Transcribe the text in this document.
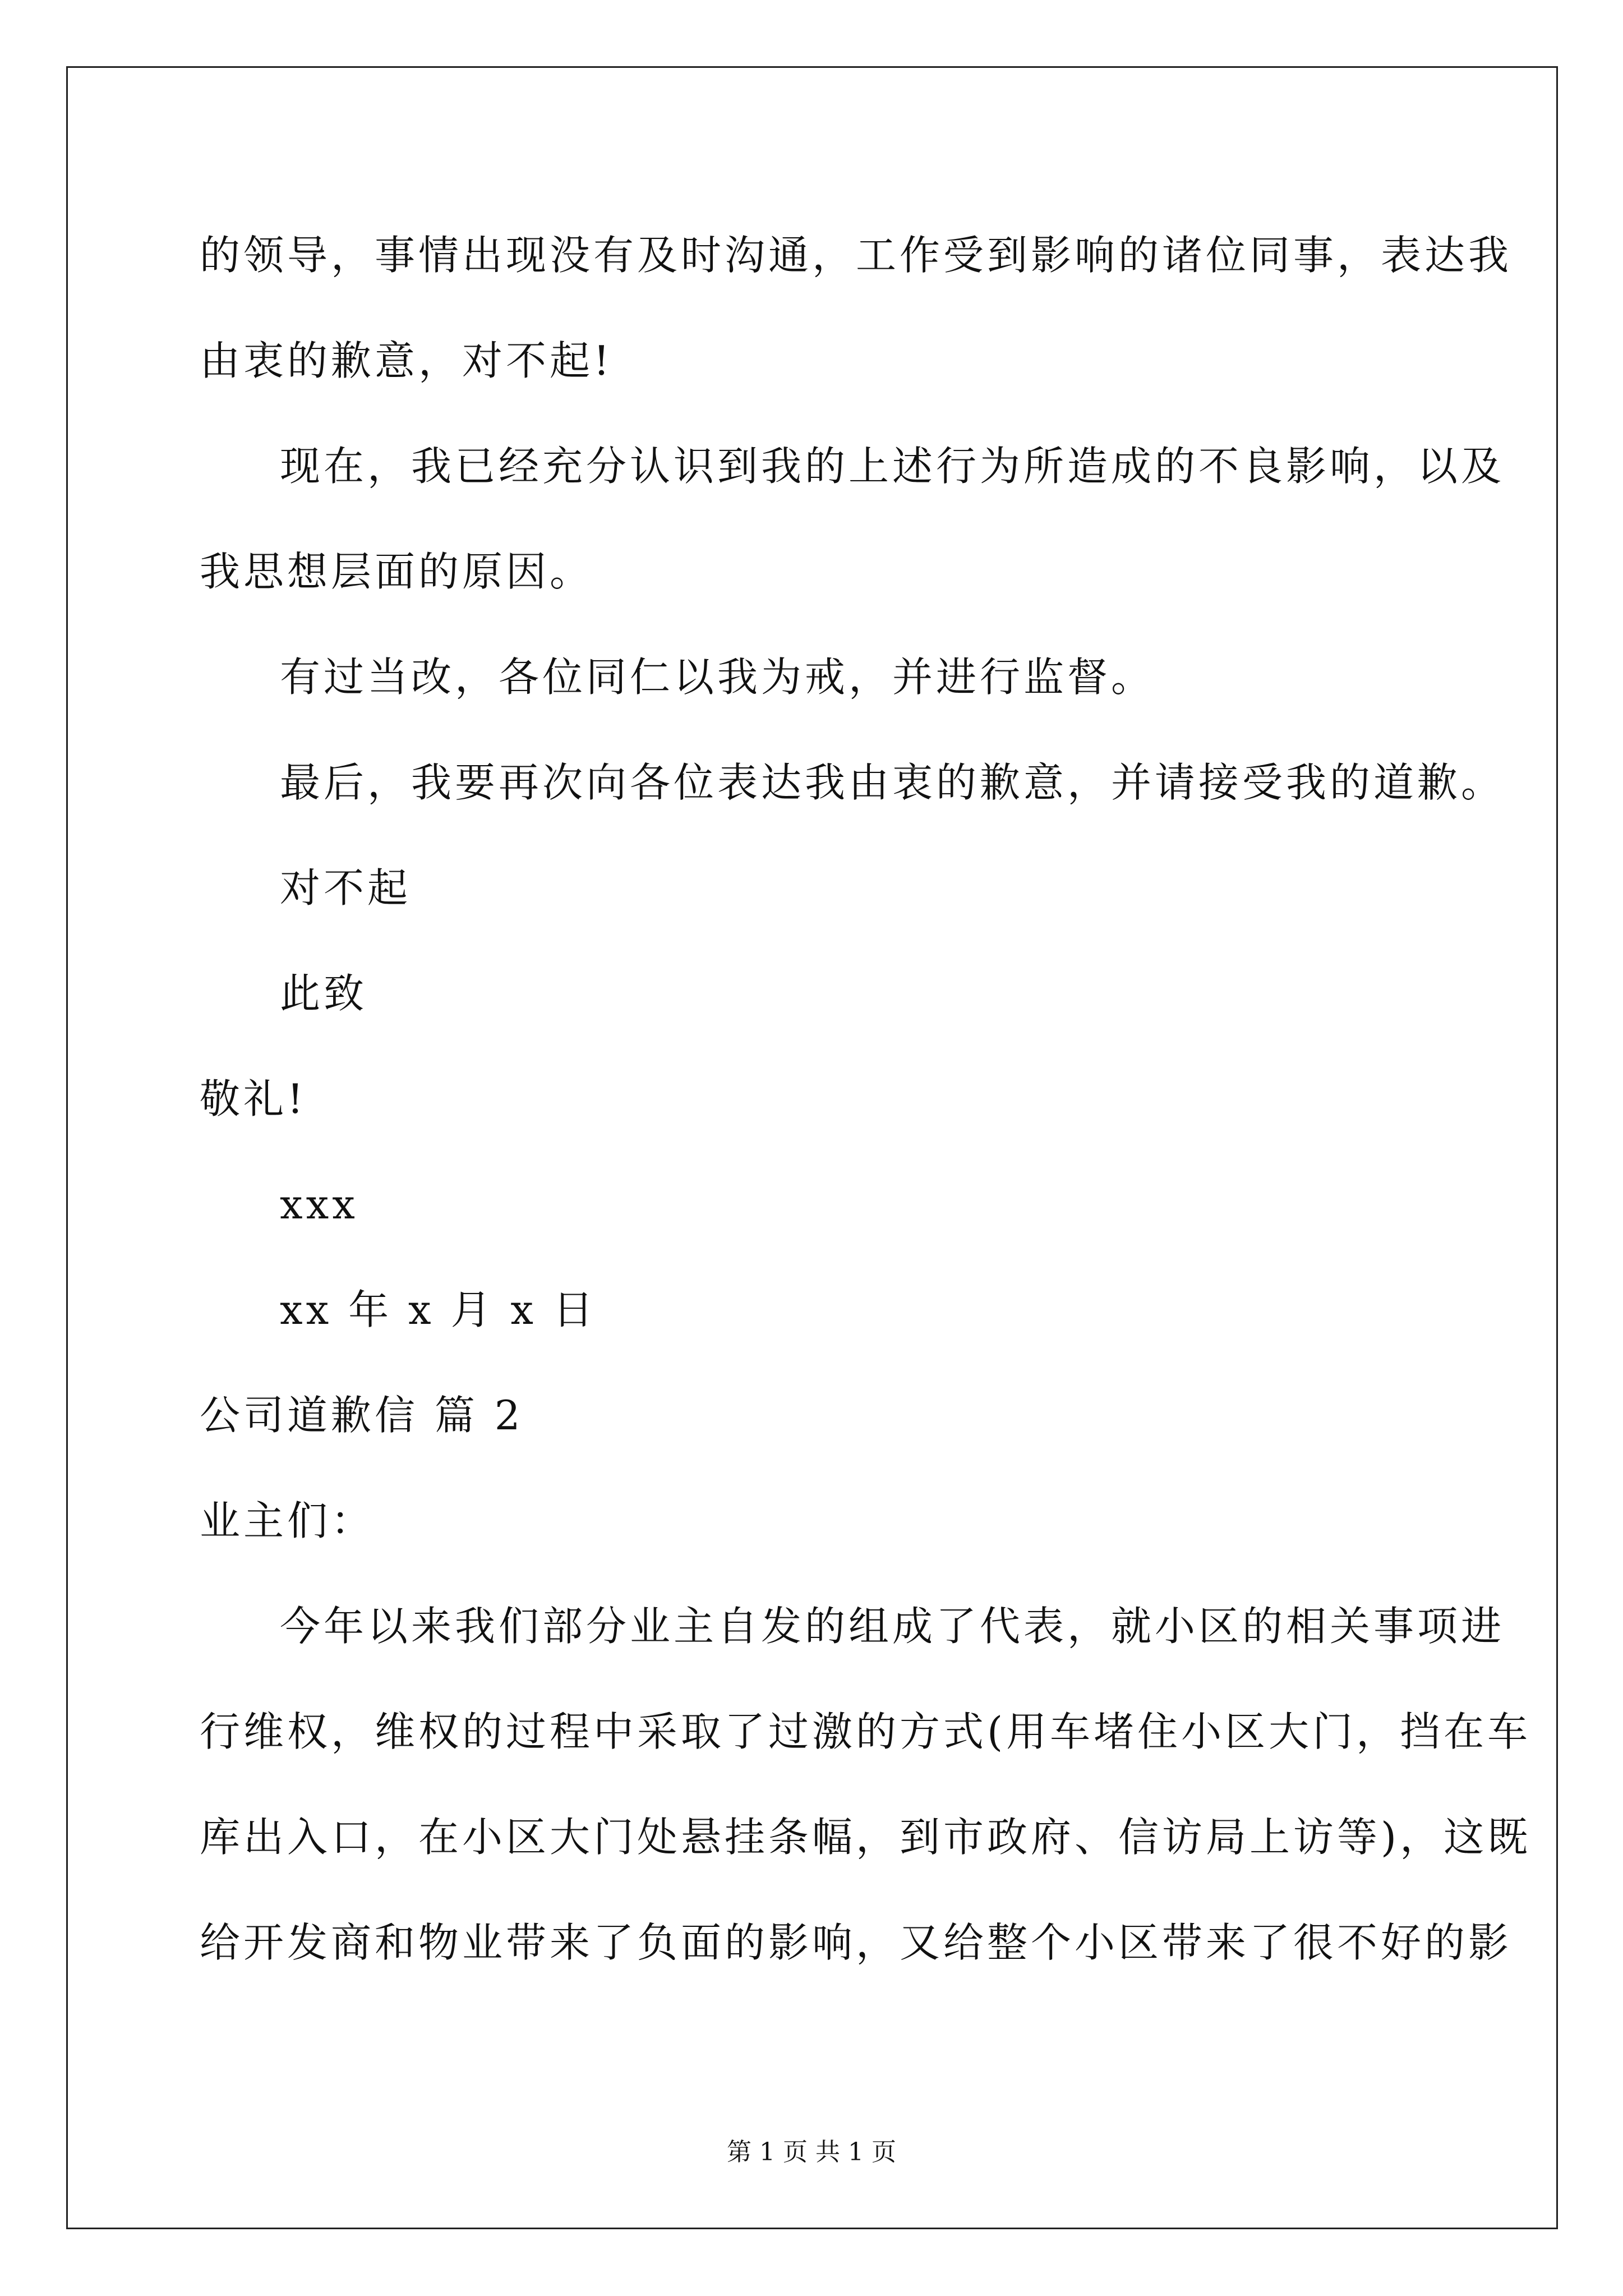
的领导，事情出现没有及时沟通，工作受到影响的诸位同事，表达我
由衷的歉意，对不起!
现在，我已经充分认识到我的上述行为所造成的不良影响，以及
我思想层面的原因。
有过当改，各位同仁以我为戒，并进行监督。
最后，我要再次向各位表达我由衷的歉意，并请接受我的道歉。
对不起
此致
敬礼!
xxx
xx 年 x 月 x 日
公司道歉信 篇 2
业主们：
今年以来我们部分业主自发的组成了代表，就小区的相关事项进
行维权，维权的过程中采取了过激的方式(用车堵住小区大门，挡在车
库出入口，在小区大门处悬挂条幅，到市政府、信访局上访等)，这既
给开发商和物业带来了负面的影响，又给整个小区带来了很不好的影
第 1 页 共 1 页
